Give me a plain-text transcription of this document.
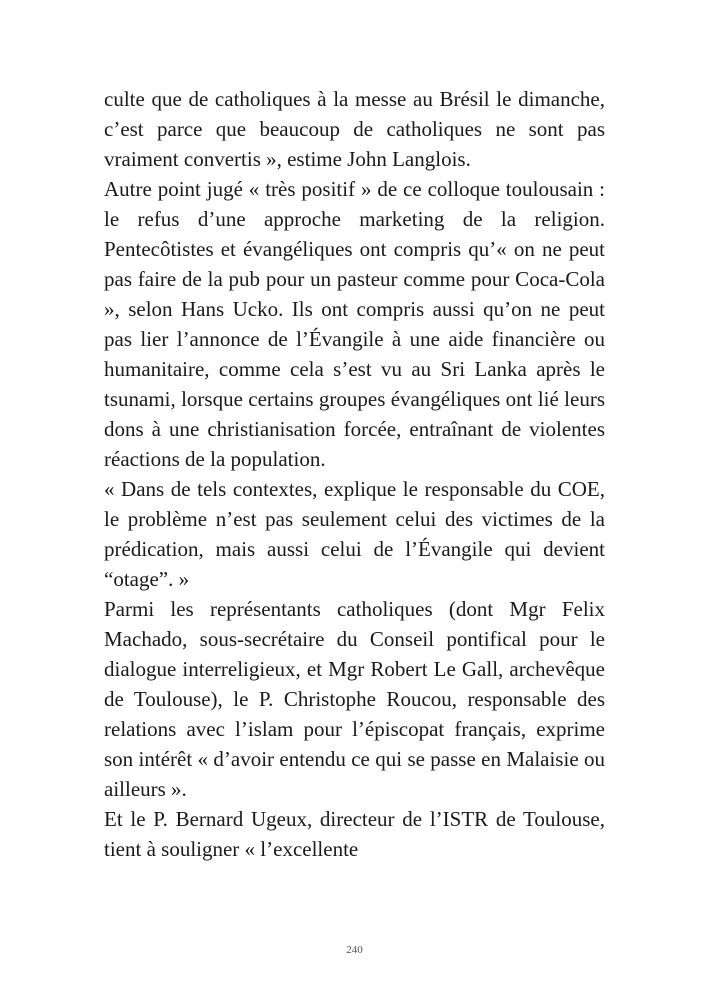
culte que de catholiques à la messe au Brésil le dimanche, c’est parce que beaucoup de catholiques ne sont pas vraiment convertis », estime John Langlois.

Autre point jugé « très positif » de ce colloque toulousain : le refus d’une approche marketing de la religion. Pentecôtistes et évangéliques ont compris qu’« on ne peut pas faire de la pub pour un pasteur comme pour Coca-Cola », selon Hans Ucko. Ils ont compris aussi qu’on ne peut pas lier l’annonce de l’Évangile à une aide financière ou humanitaire, comme cela s’est vu au Sri Lanka après le tsunami, lorsque certains groupes évangéliques ont lié leurs dons à une christianisation forcée, entraînant de violentes réactions de la population.

« Dans de tels contextes, explique le responsable du COE, le problème n’est pas seulement celui des victimes de la prédication, mais aussi celui de l’Évangile qui devient “otage”. »

Parmi les représentants catholiques (dont Mgr Felix Machado, sous-secrétaire du Conseil pontifical pour le dialogue interreligieux, et Mgr Robert Le Gall, archevêque de Toulouse), le P. Christophe Roucou, responsable des relations avec l’islam pour l’épiscopat français, exprime son intérêt « d’avoir entendu ce qui se passe en Malaisie ou ailleurs ».

Et le P. Bernard Ugeux, directeur de l’ISTR de Toulouse, tient à souligner « l’excellente

240
